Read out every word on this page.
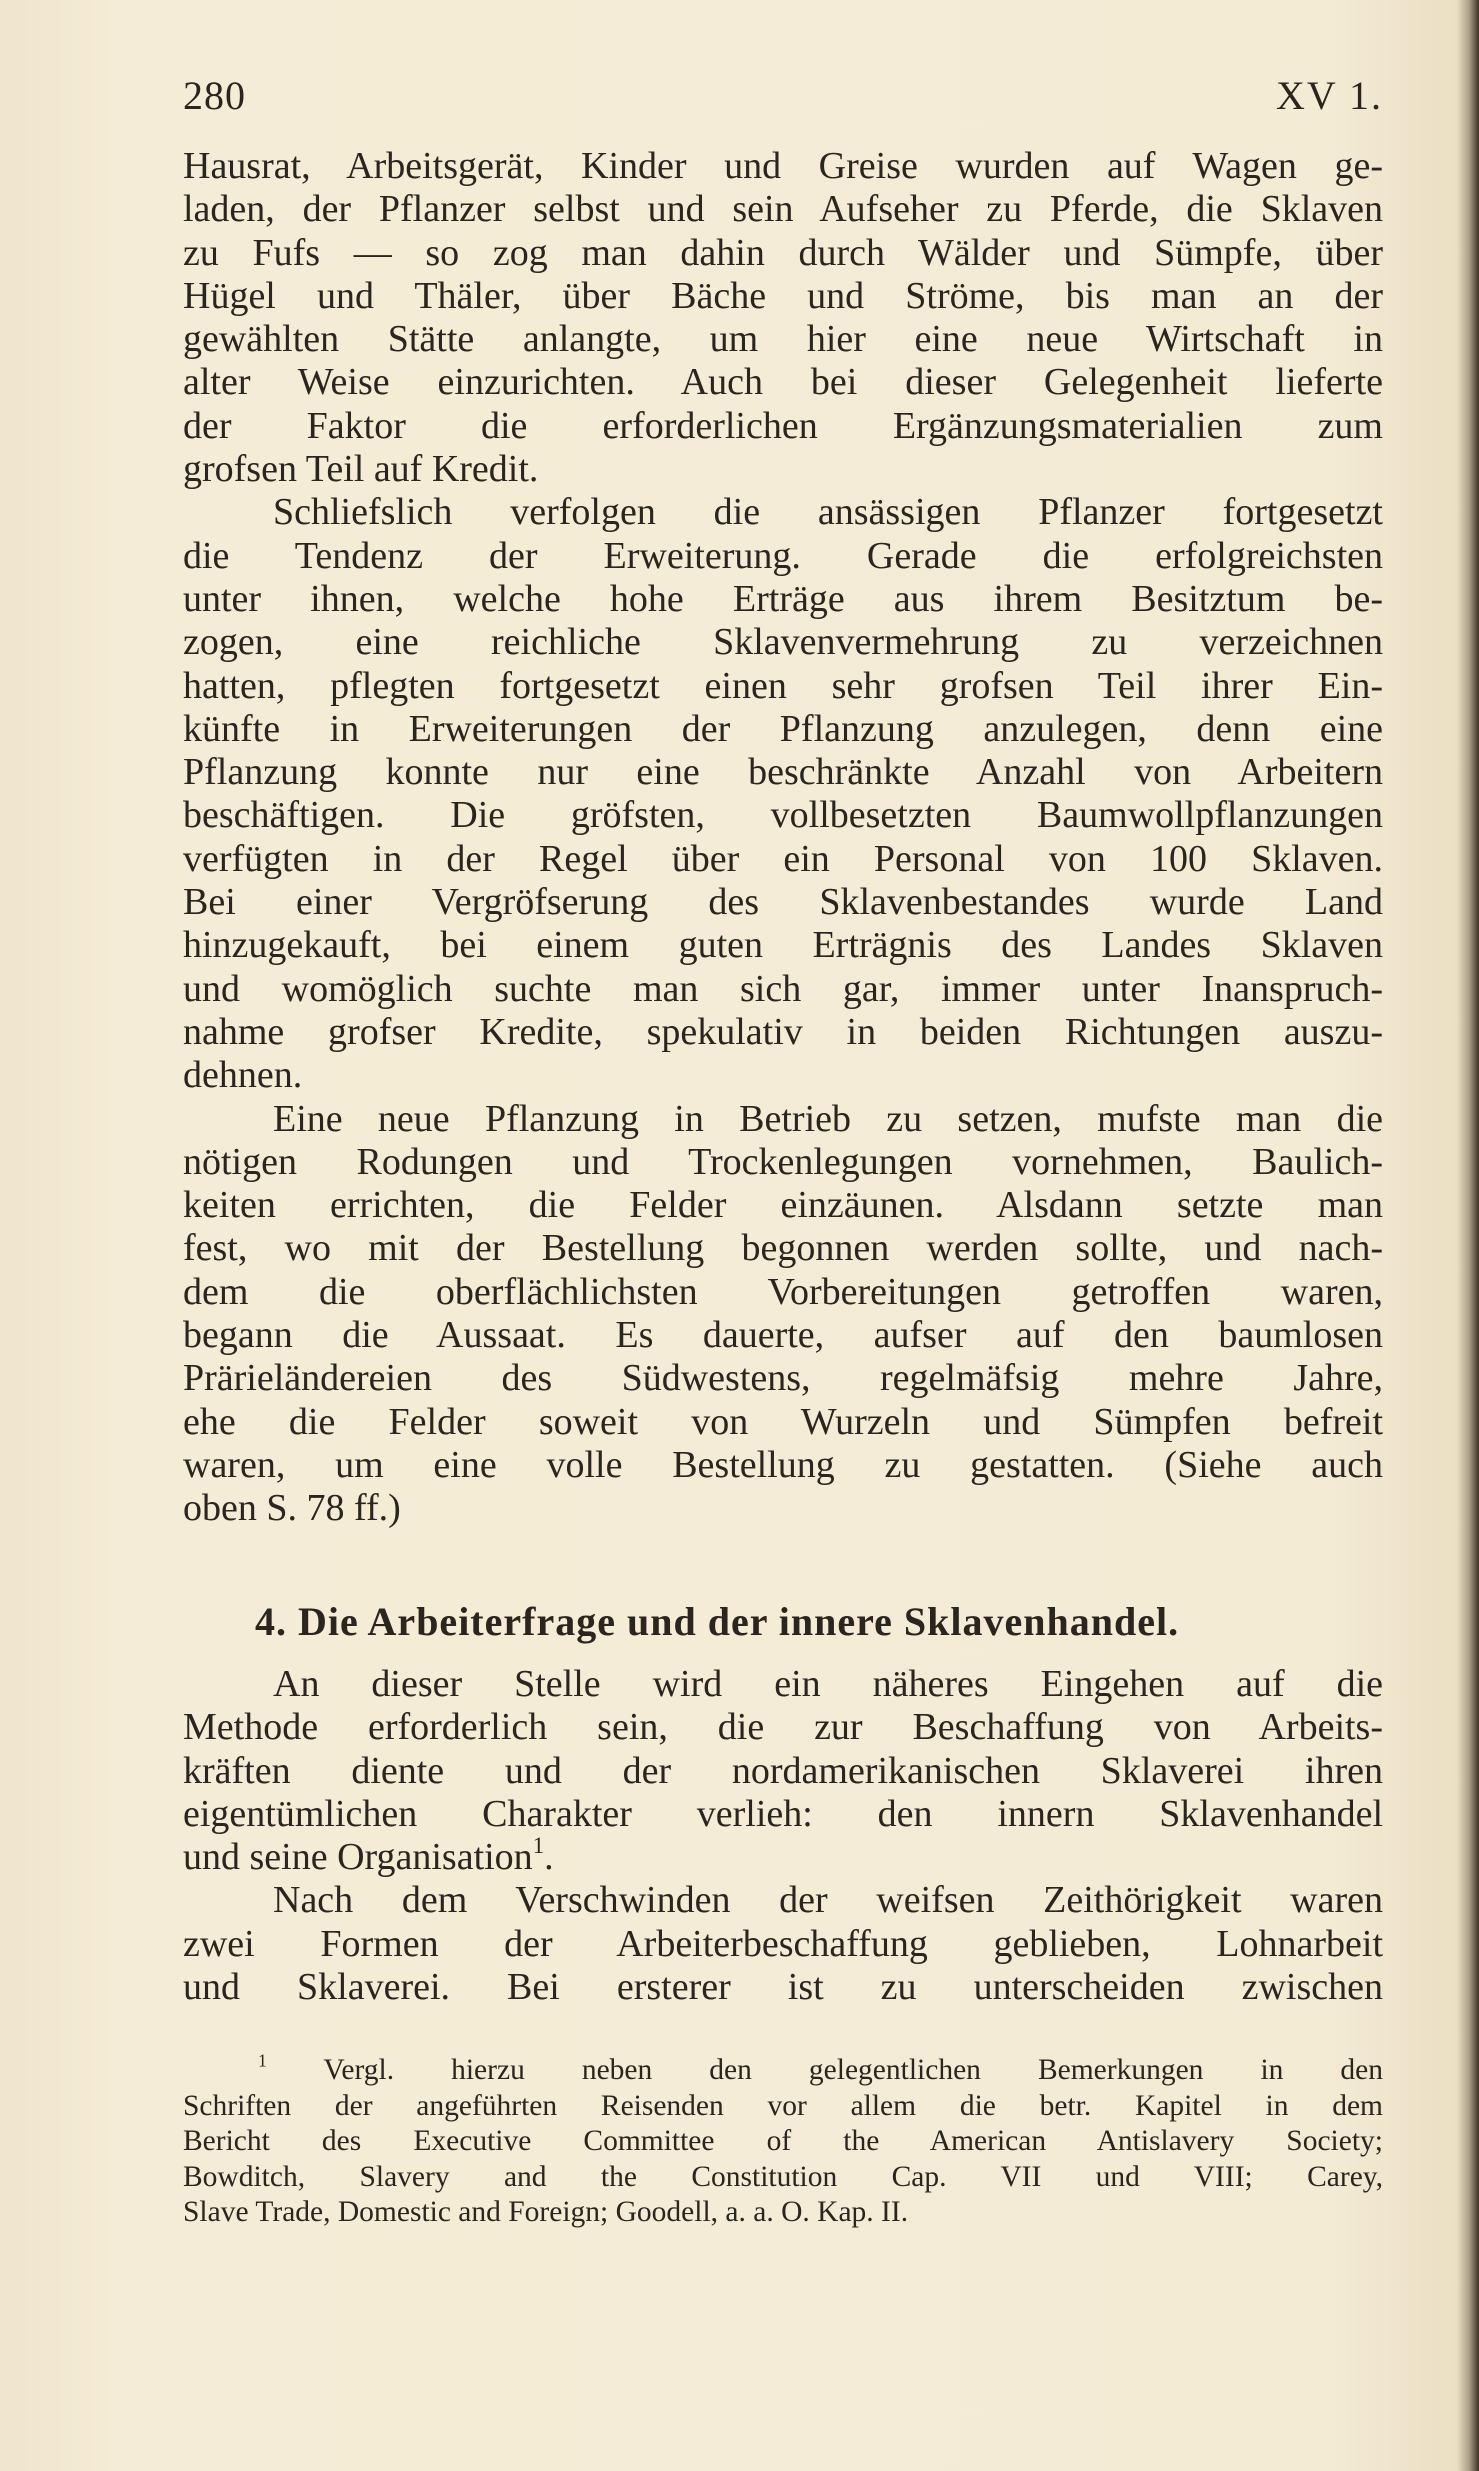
280	XV 1.
Hausrat, Arbeitsgerät, Kinder und Greise wurden auf Wagen ge-
laden, der Pflanzer selbst und sein Aufseher zu Pferde, die Sklaven
zu Fufs — so zog man dahin durch Wälder und Sümpfe, über
Hügel und Thäler, über Bäche und Ströme, bis man an der
gewählten Stätte anlangte, um hier eine neue Wirtschaft in
alter Weise einzurichten. Auch bei dieser Gelegenheit lieferte
der Faktor die erforderlichen Ergänzungsmaterialien zum
grofsen Teil auf Kredit.
Schliefslich verfolgen die ansässigen Pflanzer fortgesetzt
die Tendenz der Erweiterung. Gerade die erfolgreichsten
unter ihnen, welche hohe Erträge aus ihrem Besitztum be-
zogen, eine reichliche Sklavenvermehrung zu verzeichnen
hatten, pflegten fortgesetzt einen sehr grofsen Teil ihrer Ein-
künfte in Erweiterungen der Pflanzung anzulegen, denn eine
Pflanzung konnte nur eine beschränkte Anzahl von Arbeitern
beschäftigen. Die gröfsten, vollbesetzten Baumwollpflanzungen
verfügten in der Regel über ein Personal von 100 Sklaven.
Bei einer Vergröfserung des Sklavenbestandes wurde Land
hinzugekauft, bei einem guten Erträgnis des Landes Sklaven
und womöglich suchte man sich gar, immer unter Inanspruch-
nahme grofser Kredite, spekulativ in beiden Richtungen auszu-
dehnen.
Eine neue Pflanzung in Betrieb zu setzen, mufste man die
nötigen Rodungen und Trockenlegungen vornehmen, Baulich-
keiten errichten, die Felder einzäunen. Alsdann setzte man
fest, wo mit der Bestellung begonnen werden sollte, und nach-
dem die oberflächlichsten Vorbereitungen getroffen waren,
begann die Aussaat. Es dauerte, aufser auf den baumlosen
Prärieländereien des Südwestens, regelmäfsig mehre Jahre,
ehe die Felder soweit von Wurzeln und Sümpfen befreit
waren, um eine volle Bestellung zu gestatten. (Siehe auch
oben S. 78 ff.)
4. Die Arbeiterfrage und der innere Sklavenhandel.
An dieser Stelle wird ein näheres Eingehen auf die
Methode erforderlich sein, die zur Beschaffung von Arbeits-
kräften diente und der nordamerikanischen Sklaverei ihren
eigentümlichen Charakter verlieh: den innern Sklavenhandel
und seine Organisation$^1$.
Nach dem Verschwinden der weifsen Zeithörigkeit waren
zwei Formen der Arbeiterbeschaffung geblieben, Lohnarbeit
und Sklaverei. Bei ersterer ist zu unterscheiden zwischen
$^1$ Vergl. hierzu neben den gelegentlichen Bemerkungen in den
Schriften der angeführten Reisenden vor allem die betr. Kapitel in dem
Bericht des Executive Committee of the American Antislavery Society;
Bowditch, Slavery and the Constitution Cap. VII und VIII; Carey,
Slave Trade, Domestic and Foreign; Goodell, a. a. O. Kap. II.
